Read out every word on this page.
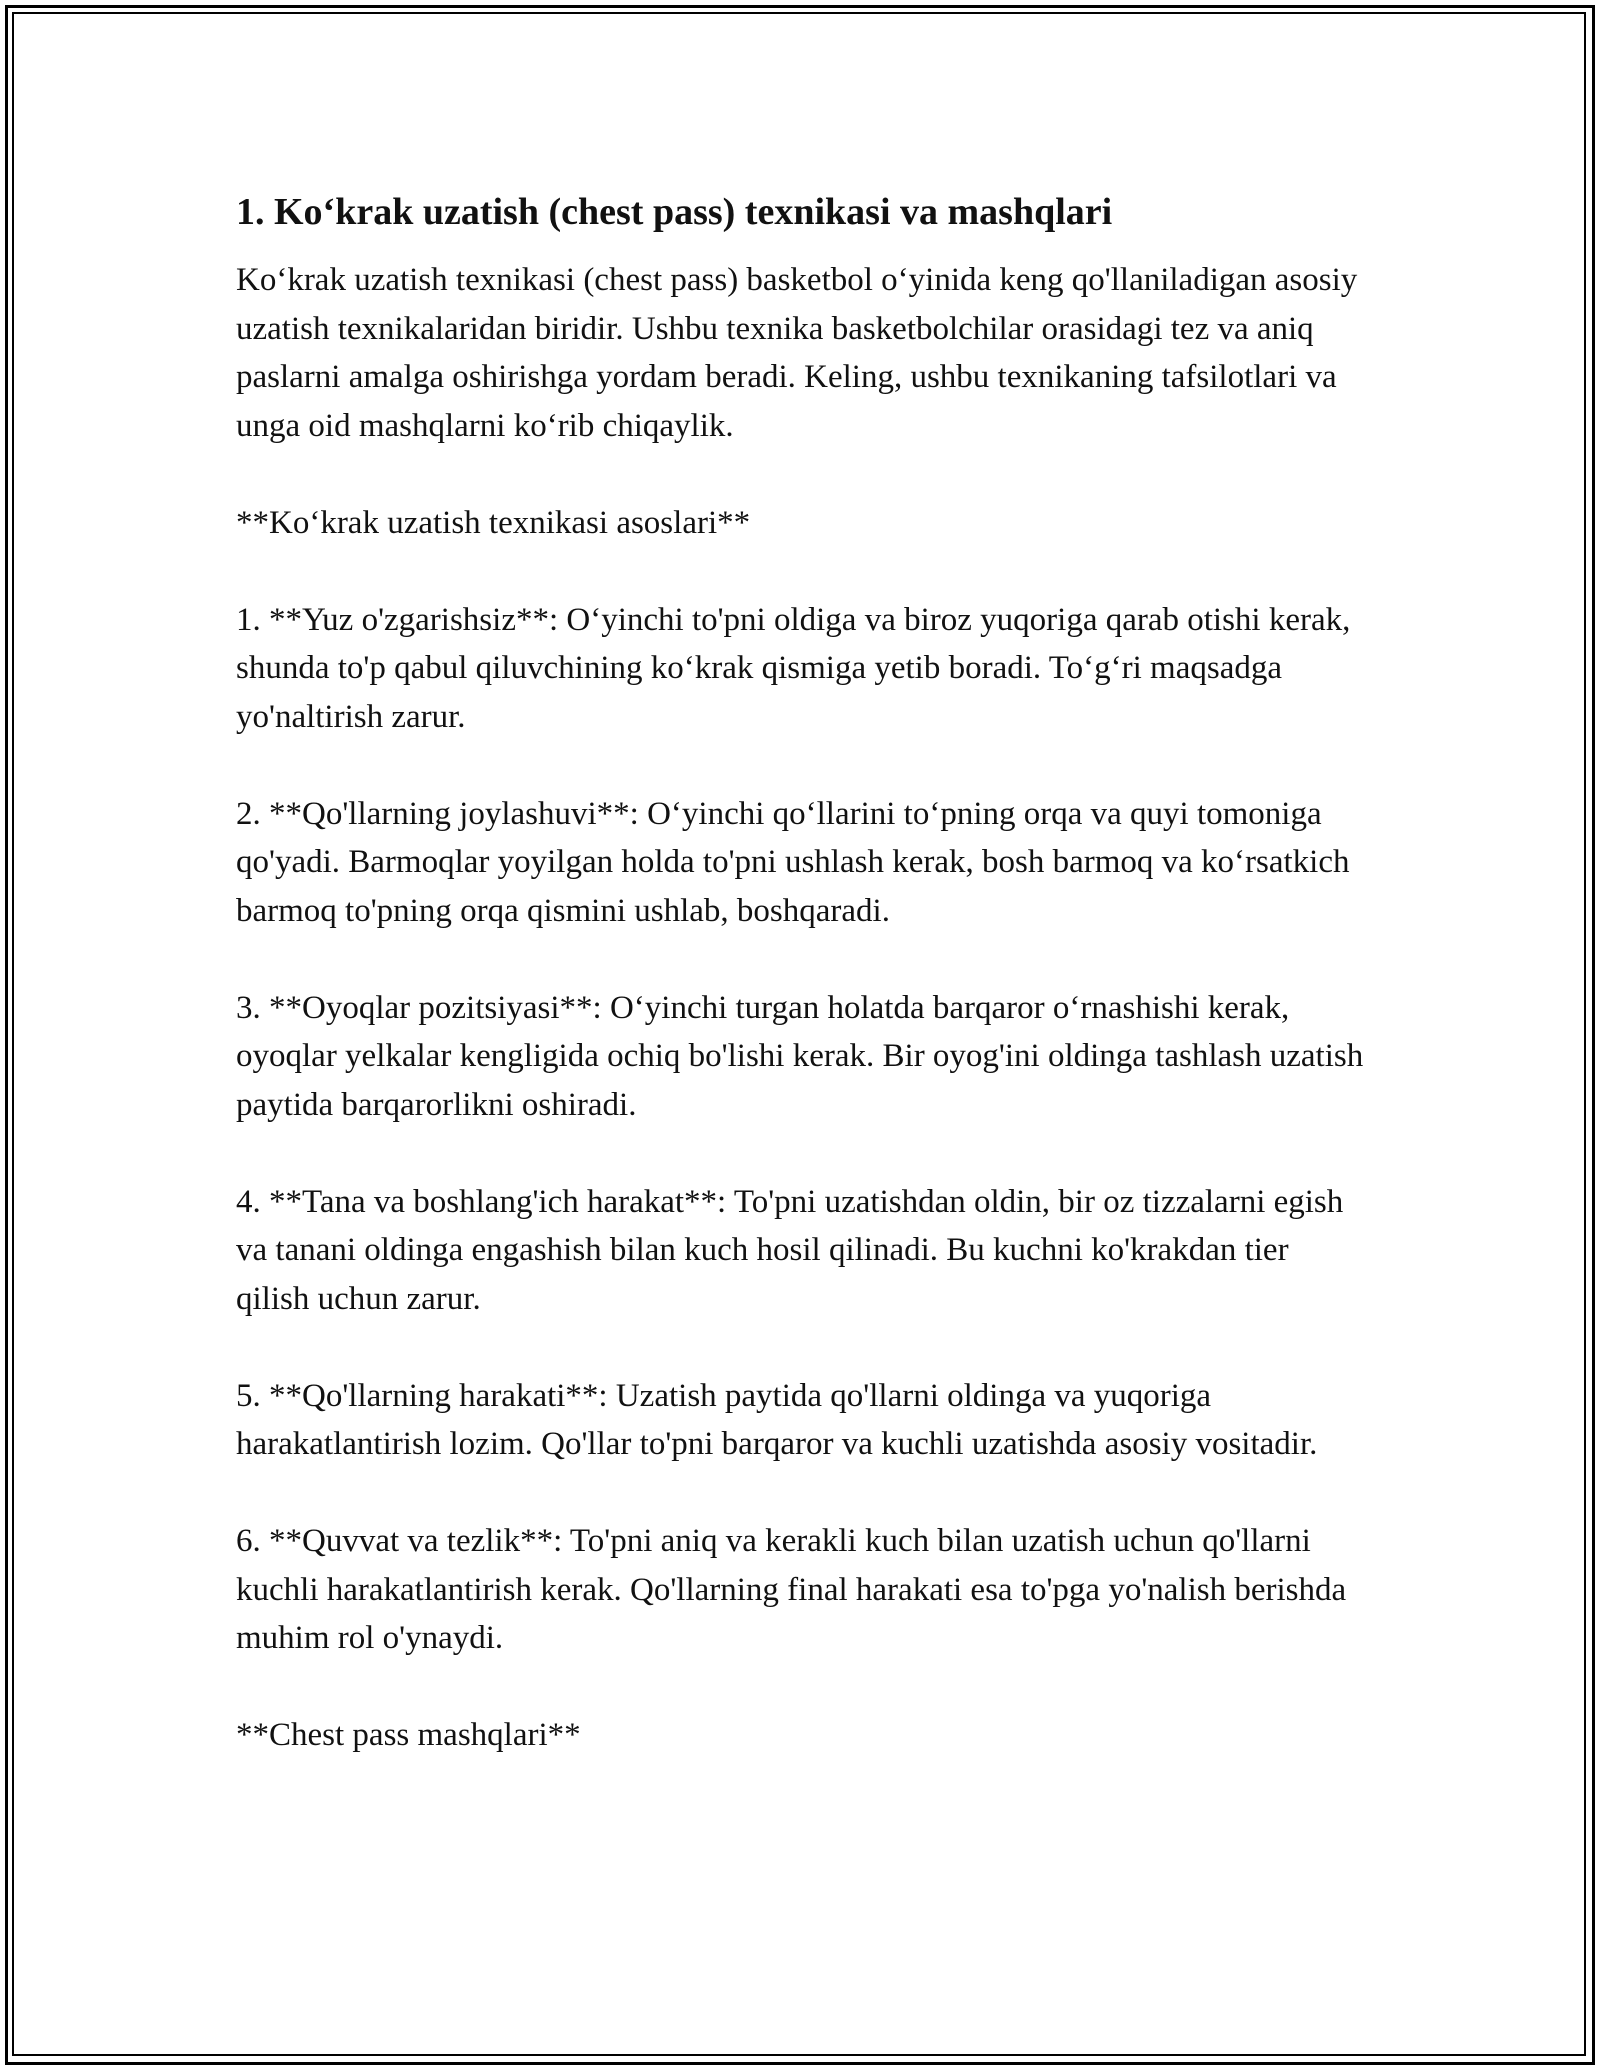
1. Ko‘krak uzatish (chest pass) texnikasi va mashqlari

Ko‘krak uzatish texnikasi (chest pass) basketbol o‘yinida keng qo'llaniladigan asosiy uzatish texnikalaridan biridir. Ushbu texnika basketbolchilar orasidagi tez va aniq paslarni amalga oshirishga yordam beradi. Keling, ushbu texnikaning tafsilotlari va unga oid mashqlarni ko‘rib chiqaylik.

**Ko‘krak uzatish texnikasi asoslari**

1. **Yuz o'zgarishsiz**: O‘yinchi to'pni oldiga va biroz yuqoriga qarab otishi kerak, shunda to'p qabul qiluvchining ko‘krak qismiga yetib boradi. To‘g‘ri maqsadga yo'naltirish zarur.

2. **Qo'llarning joylashuvi**: O‘yinchi qo‘llarini to‘pning orqa va quyi tomoniga qo'yadi. Barmoqlar yoyilgan holda to'pni ushlash kerak, bosh barmoq va ko‘rsatkich barmoq to'pning orqa qismini ushlab, boshqaradi.

3. **Oyoqlar pozitsiyasi**: O‘yinchi turgan holatda barqaror o‘rnashishi kerak, oyoqlar yelkalar kengligida ochiq bo'lishi kerak. Bir oyog'ini oldinga tashlash uzatish paytida barqarorlikni oshiradi.

4. **Tana va boshlang'ich harakat**: To'pni uzatishdan oldin, bir oz tizzalarni egish va tanani oldinga engashish bilan kuch hosil qilinadi. Bu kuchni ko'krakdan tier qilish uchun zarur.

5. **Qo'llarning harakati**: Uzatish paytida qo'llarni oldinga va yuqoriga harakatlantirish lozim. Qo'llar to'pni barqaror va kuchli uzatishda asosiy vositadir.

6. **Quvvat va tezlik**: To'pni aniq va kerakli kuch bilan uzatish uchun qo'llarni kuchli harakatlantirish kerak. Qo'llarning final harakati esa to'pga yo'nalish berishda muhim rol o'ynaydi.

**Chest pass mashqlari**
